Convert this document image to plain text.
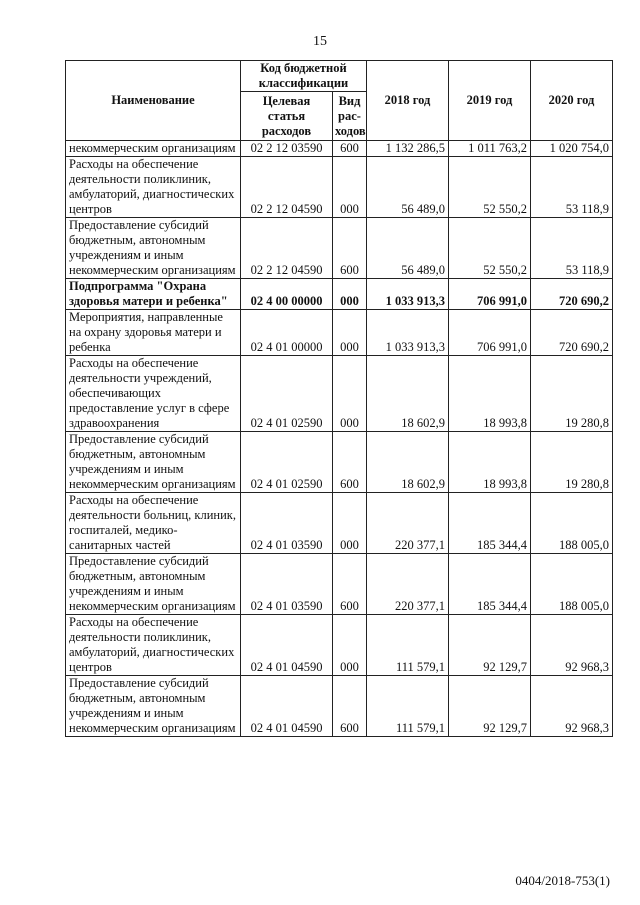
15
Наименование	Код бюджетной классификации		2018 год	2019 год	2020 год
	Целевая статья расходов	Вид рас-ходов			
некоммерческим организациям	02 2 12 03590	600	1 132 286,5	1 011 763,2	1 020 754,0
Расходы на обеспечение деятельности поликлиник, амбулаторий, диагностических центров	02 2 12 04590	000	56 489,0	52 550,2	53 118,9
Предоставление субсидий бюджетным, автономным учреждениям и иным некоммерческим организациям	02 2 12 04590	600	56 489,0	52 550,2	53 118,9
Подпрограмма "Охрана здоровья матери и ребенка"	02 4 00 00000	000	1 033 913,3	706 991,0	720 690,2
Мероприятия, направленные на охрану здоровья матери и ребенка	02 4 01 00000	000	1 033 913,3	706 991,0	720 690,2
Расходы на обеспечение деятельности учреждений, обеспечивающих предоставление услуг в сфере здравоохранения	02 4 01 02590	000	18 602,9	18 993,8	19 280,8
Предоставление субсидий бюджетным, автономным учреждениям и иным некоммерческим организациям	02 4 01 02590	600	18 602,9	18 993,8	19 280,8
Расходы на обеспечение деятельности больниц, клиник, госпиталей, медико-санитарных частей	02 4 01 03590	000	220 377,1	185 344,4	188 005,0
Предоставление субсидий бюджетным, автономным учреждениям и иным некоммерческим организациям	02 4 01 03590	600	220 377,1	185 344,4	188 005,0
Расходы на обеспечение деятельности поликлиник, амбулаторий, диагностических центров	02 4 01 04590	000	111 579,1	92 129,7	92 968,3
Предоставление субсидий бюджетным, автономным учреждениям и иным некоммерческим организациям	02 4 01 04590	600	111 579,1	92 129,7	92 968,3
0404/2018-753(1)
